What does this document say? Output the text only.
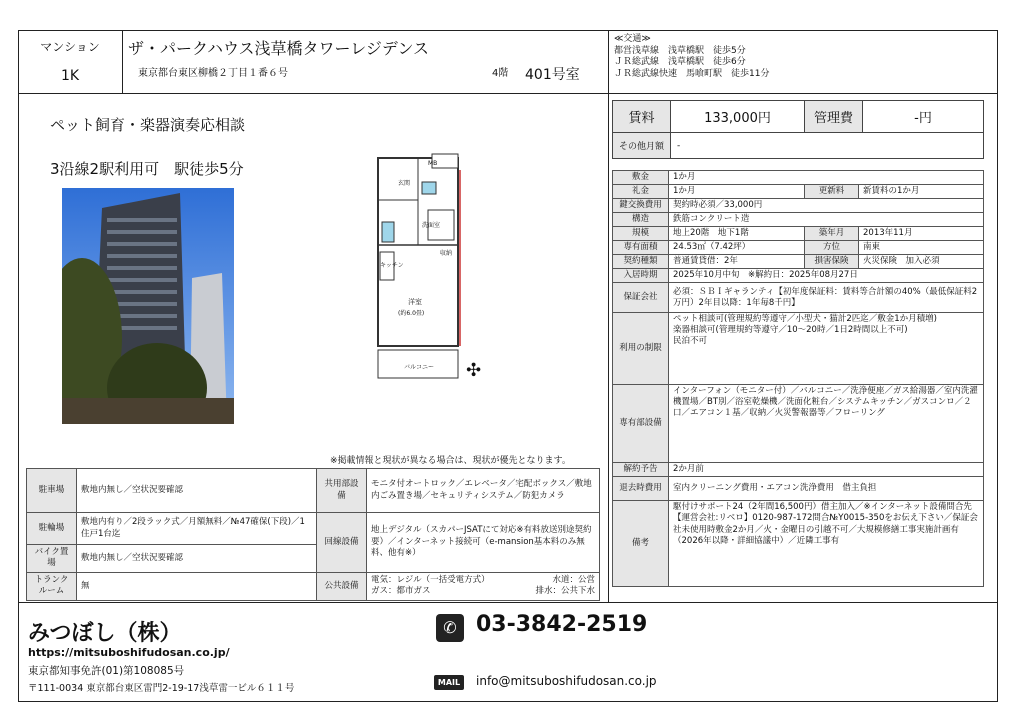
マンション
1K
ザ・パークハウス浅草橋タワーレジデンス
東京都台東区柳橋２丁目１番６号	4階 401号室
≪交通≫
都営浅草線　浅草橋駅　徒歩5分
ＪＲ総武線　浅草橋駅　徒歩6分
ＪＲ総武線快速　馬喰町駅　徒歩11分
ペット飼育・楽器演奏応相談
3沿線2駅利用可　駅徒歩5分	MB
玄関
洗面室
キッチン
洋室
(約6.0畳)
収納
バルコニー ✣
※掲載情報と現状が異なる場合は、現状が優先となります。
駐車場	敷地内無し／空状況要確認	共用部設備	モニタ付オートロック／エレベータ／宅配ボックス／敷地内ごみ置き場／セキュリティシステム／防犯カメラ
駐輪場	敷地内有り／2段ラック式／月額無料／№47確保(下段)／1住戸1台迄	回線設備	地上デジタル（スカパーJSATにて対応※有料放送別途契約要）／インターネット接続可（e-mansion基本料のみ無料、他有※）
バイク置場	敷地内無し／空状況要確認		
トランクルーム	無	公共設備	電気：レジル（一括受電方式） 水道：公営
ガス：都市ガス 排水：公共下水
賃料	133,000円	管理費	-円
その他月額	-		
敷金	1か月		
礼金	1か月	更新料	新賃料の1か月
鍵交換費用	契約時必須／33,000円		
構造	鉄筋コンクリート造		
規模	地上20階　地下1階	築年月	2013年11月
専有面積	24.53㎡（7.42坪）	方位	南東
契約種類	普通賃貸借：2年	損害保険	火災保険　加入必須
入居時期	2025年10月中旬　※解約日：2025年08月27日		
保証会社	必須：ＳＢＩギャランティ【初年度保証料：賃料等合計額の40%（最低保証料2万円）2年目以降：1年毎8千円】		
利用の制限	ペット相談可(管理規約等遵守／小型犬・猫計2匹迄／敷金1か月積増)
楽器相談可(管理規約等遵守／10～20時／1日2時間以上不可)
民泊不可		
専有部設備	インターフォン（モニター付）／バルコニー／洗浄便座／ガス給湯器／室内洗濯機置場／BT別／浴室乾燥機／洗面化粧台／システムキッチン／ガスコンロ／２口／エアコン１基／収納／火災警報器等／フローリング		
解約予告	2か月前		
退去時費用	室内クリーニング費用・エアコン洗浄費用　借主負担		
備考	駆付けサポート24（2年間16,500円）借主加入／※インターネット設備問合先【運営会社:リベロ】0120-987-172問合№Y0015-350をお伝え下さい／保証会社未使用時敷金2か月／火・金曜日の引越不可／大規模修繕工事実施計画有（2026年以降・詳細協議中）／近隣工事有		
みつぼし（株）
https://mitsuboshifudosan.co.jp/
東京都知事免許(01)第108085号
〒111-0034 東京都台東区雷門2-19-17浅草雷一ビル６１１号
✆ 03-3842-2519
MAIL	info@mitsuboshifudosan.co.jp
